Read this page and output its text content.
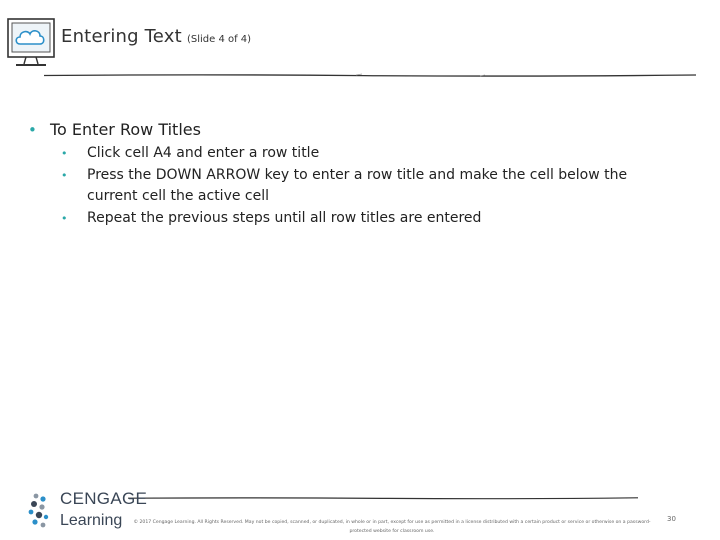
Entering Text (Slide 4 of 4)
• To Enter Row Titles
•	Click cell A4 and enter a row title
•	Press the DOWN ARROW key to enter a row title and make the cell below the current cell the active cell
•	Repeat the previous steps until all row titles are entered
CENGAGE
Learning	© 2017 Cengage Learning. All Rights Reserved. May not be copied, scanned, or duplicated, in whole or in part, except for use as permitted in a license distributed with a certain product or service or otherwise on a password-protected website for classroom use.
30
